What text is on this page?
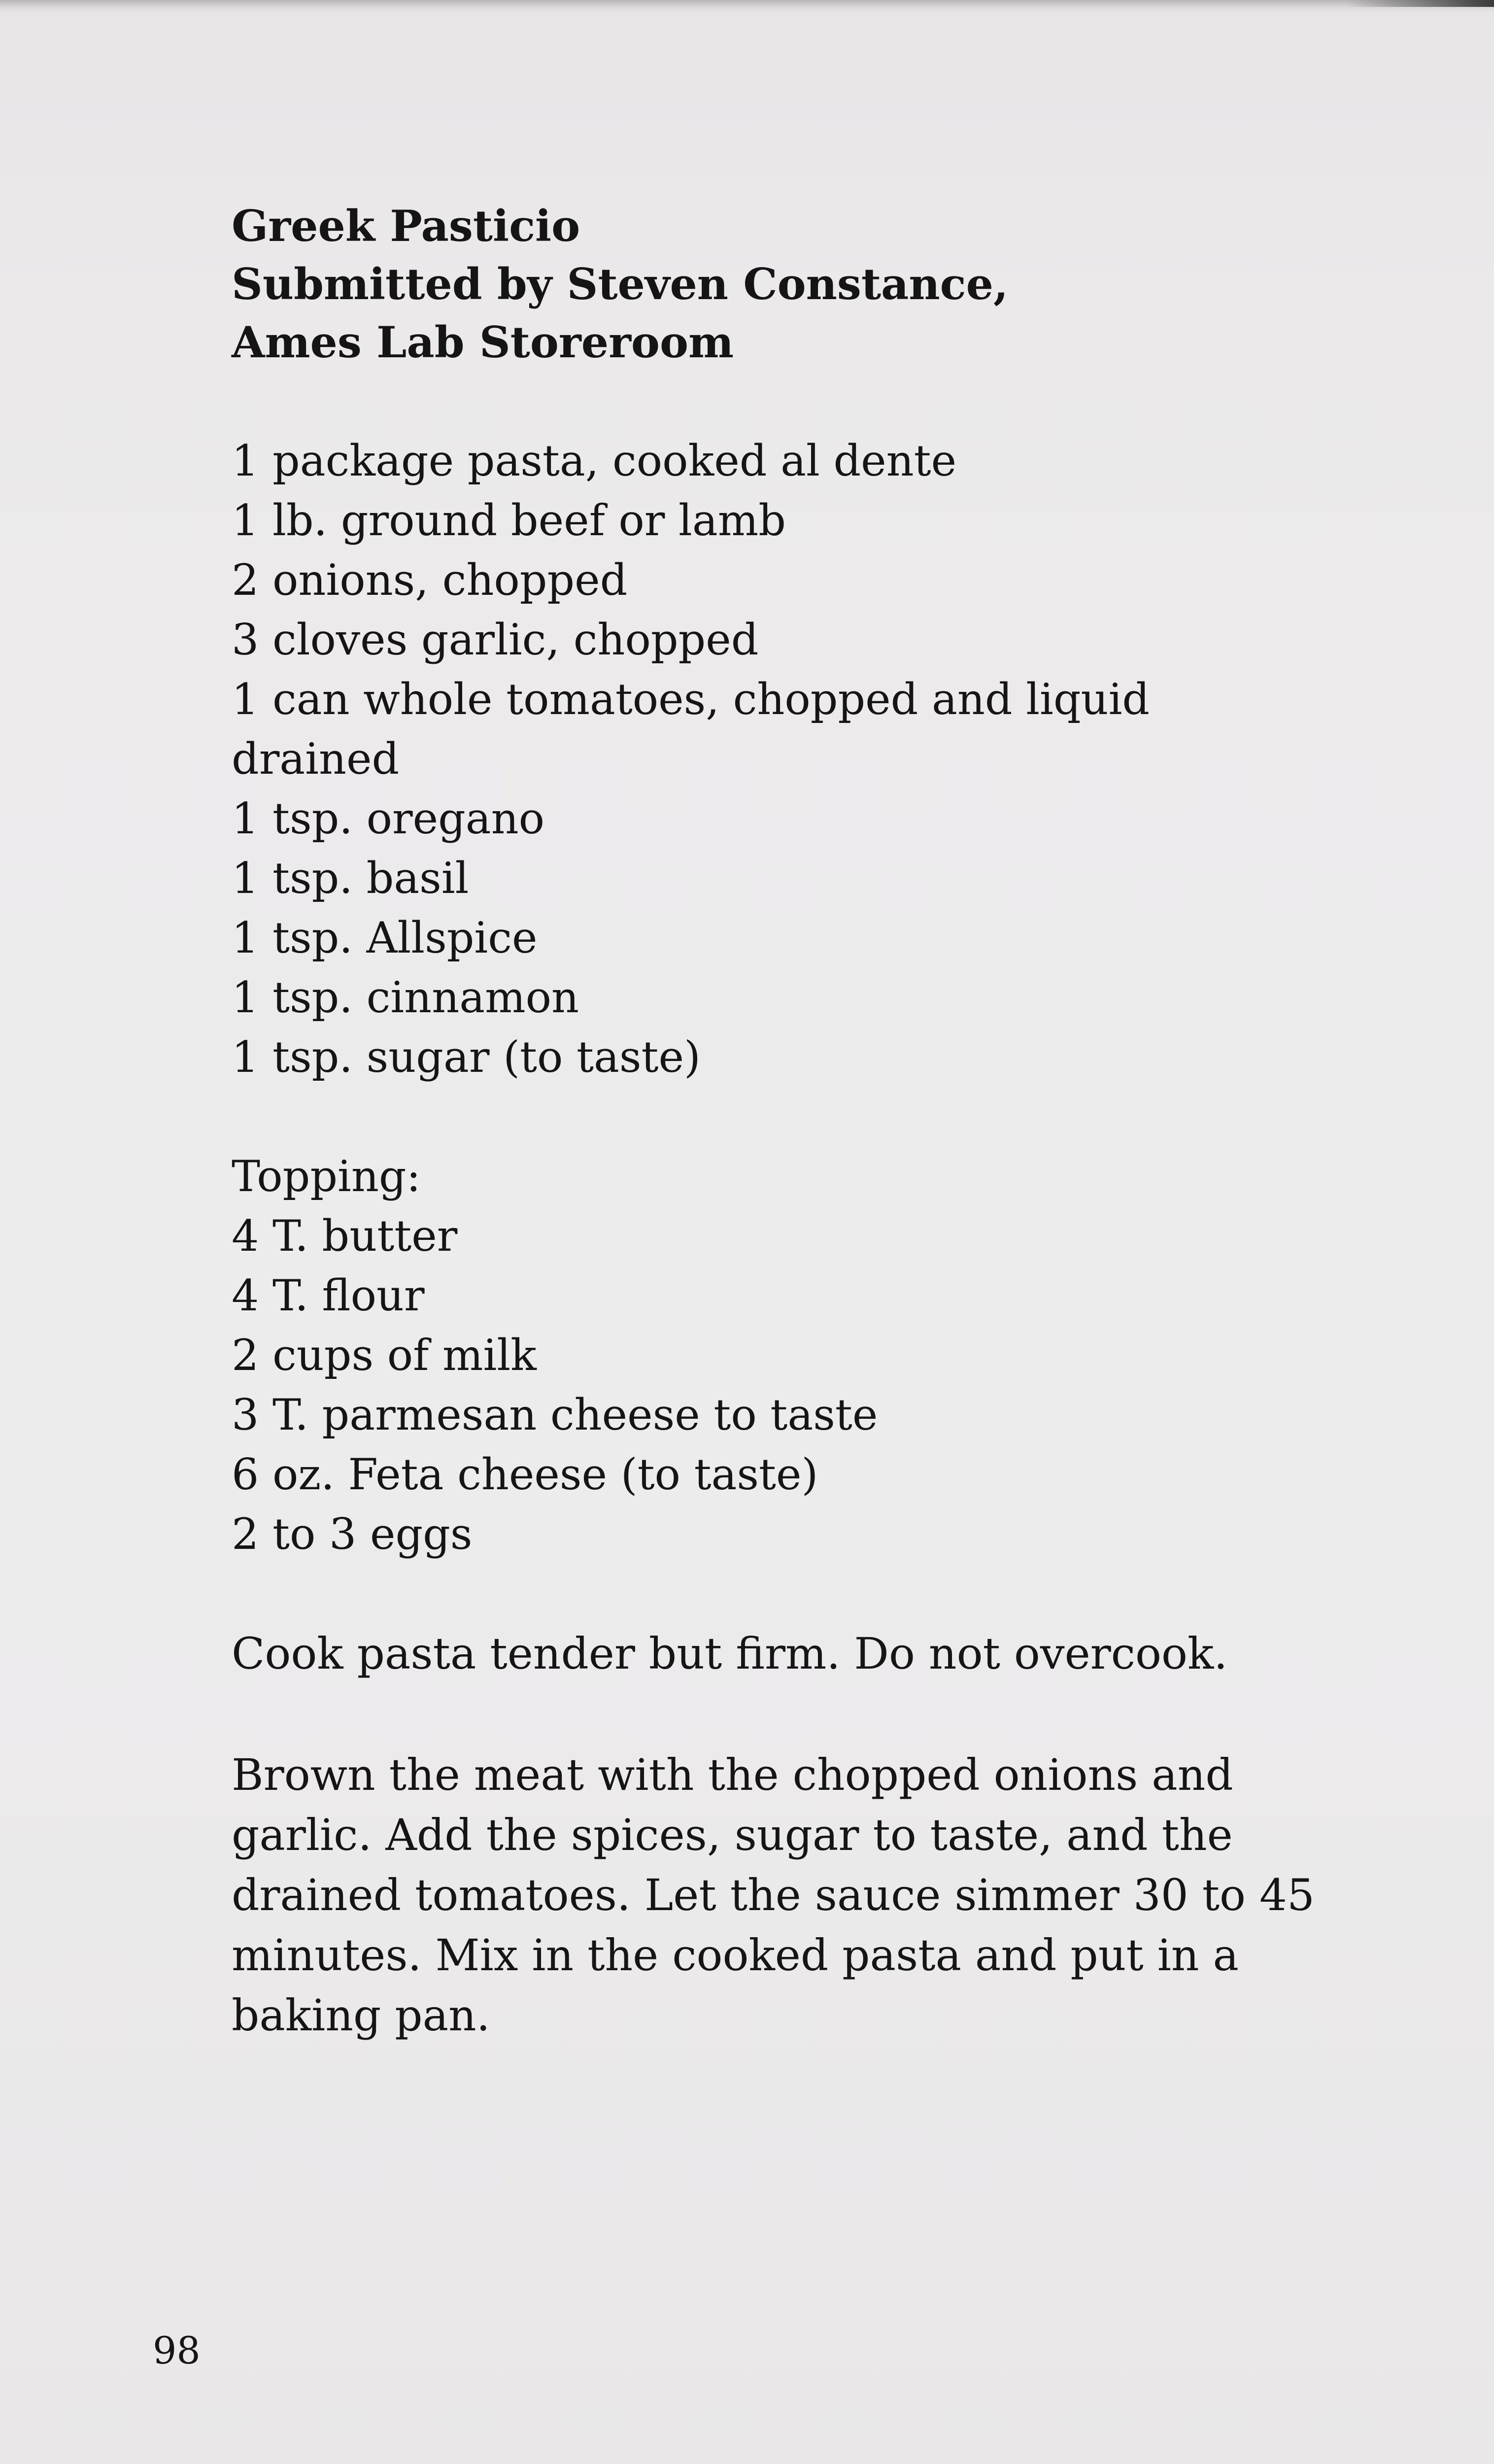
Greek Pasticio
Submitted by Steven Constance,
Ames Lab Storeroom
1 package pasta, cooked al dente
1 lb. ground beef or lamb
2 onions, chopped
3 cloves garlic, chopped
1 can whole tomatoes, chopped and liquid
drained
1 tsp. oregano
1 tsp. basil
1 tsp. Allspice
1 tsp. cinnamon
1 tsp. sugar (to taste)
Topping:
4 T. butter
4 T. flour
2 cups of milk
3 T. parmesan cheese to taste
6 oz. Feta cheese (to taste)
2 to 3 eggs

Cook pasta tender but firm. Do not overcook.

Brown the meat with the chopped onions and garlic. Add the spices, sugar to taste, and the drained tomatoes. Let the sauce simmer 30 to 45 minutes. Mix in the cooked pasta and put in a baking pan.

98
